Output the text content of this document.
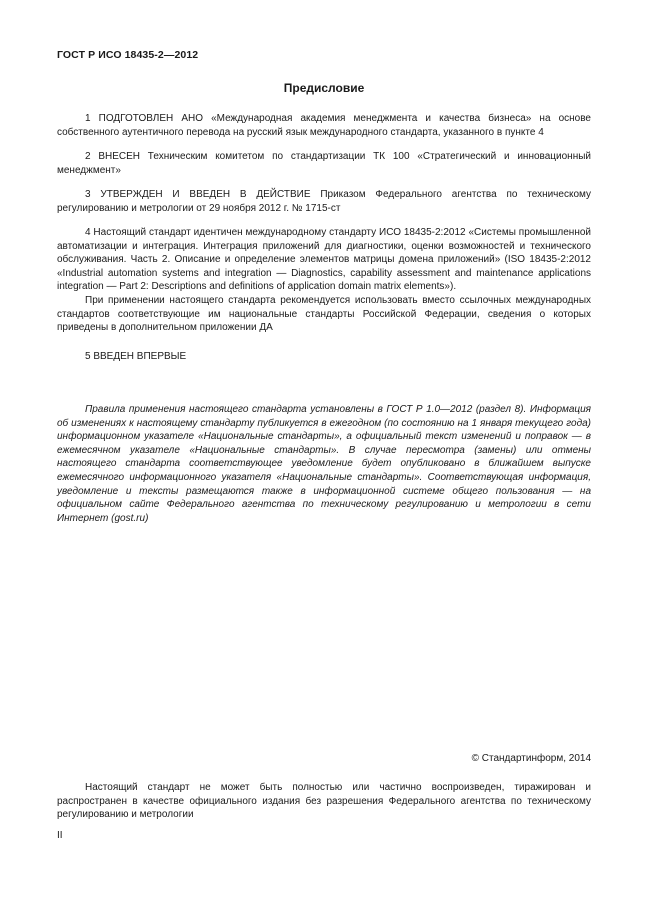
ГОСТ Р ИСО 18435-2—2012
Предисловие

1 ПОДГОТОВЛЕН АНО «Международная академия менеджмента и качества бизнеса» на основе собственного аутентичного перевода на русский язык международного стандарта, указанного в пункте 4

2 ВНЕСЕН Техническим комитетом по стандартизации ТК 100 «Стратегический и инновационный менеджмент»

3 УТВЕРЖДЕН И ВВЕДЕН В ДЕЙСТВИЕ Приказом Федерального агентства по техническому регулированию и метрологии от 29 ноября 2012 г. № 1715-ст

4 Настоящий стандарт идентичен международному стандарту ИСО 18435-2:2012 «Системы промышленной автоматизации и интеграция. Интеграция приложений для диагностики, оценки возможностей и технического обслуживания. Часть 2. Описание и определение элементов матрицы домена приложений» (ISO 18435-2:2012 «Industrial automation systems and integration — Diagnostics, capability assessment and maintenance applications integration — Part 2: Descriptions and definitions of application domain matrix elements»).

При применении настоящего стандарта рекомендуется использовать вместо ссылочных международных стандартов соответствующие им национальные стандарты Российской Федерации, сведения о которых приведены в дополнительном приложении ДА

5 ВВЕДЕН ВПЕРВЫЕ

Правила применения настоящего стандарта установлены в ГОСТ Р 1.0—2012 (раздел 8). Информация об изменениях к настоящему стандарту публикуется в ежегодном (по состоянию на 1 января текущего года) информационном указателе «Национальные стандарты», а официальный текст изменений и поправок — в ежемесячном указателе «Национальные стандарты». В случае пересмотра (замены) или отмены настоящего стандарта соответствующее уведомление будет опубликовано в ближайшем выпуске ежемесячного информационного указателя «Национальные стандарты». Соответствующая информация, уведомление и тексты размещаются также в информационной системе общего пользования — на официальном сайте Федерального агентства по техническому регулированию и метрологии в сети Интернет (gost.ru)

© Стандартинформ, 2014

Настоящий стандарт не может быть полностью или частично воспроизведен, тиражирован и распространен в качестве официального издания без разрешения Федерального агентства по техническому регулированию и метрологии

II
